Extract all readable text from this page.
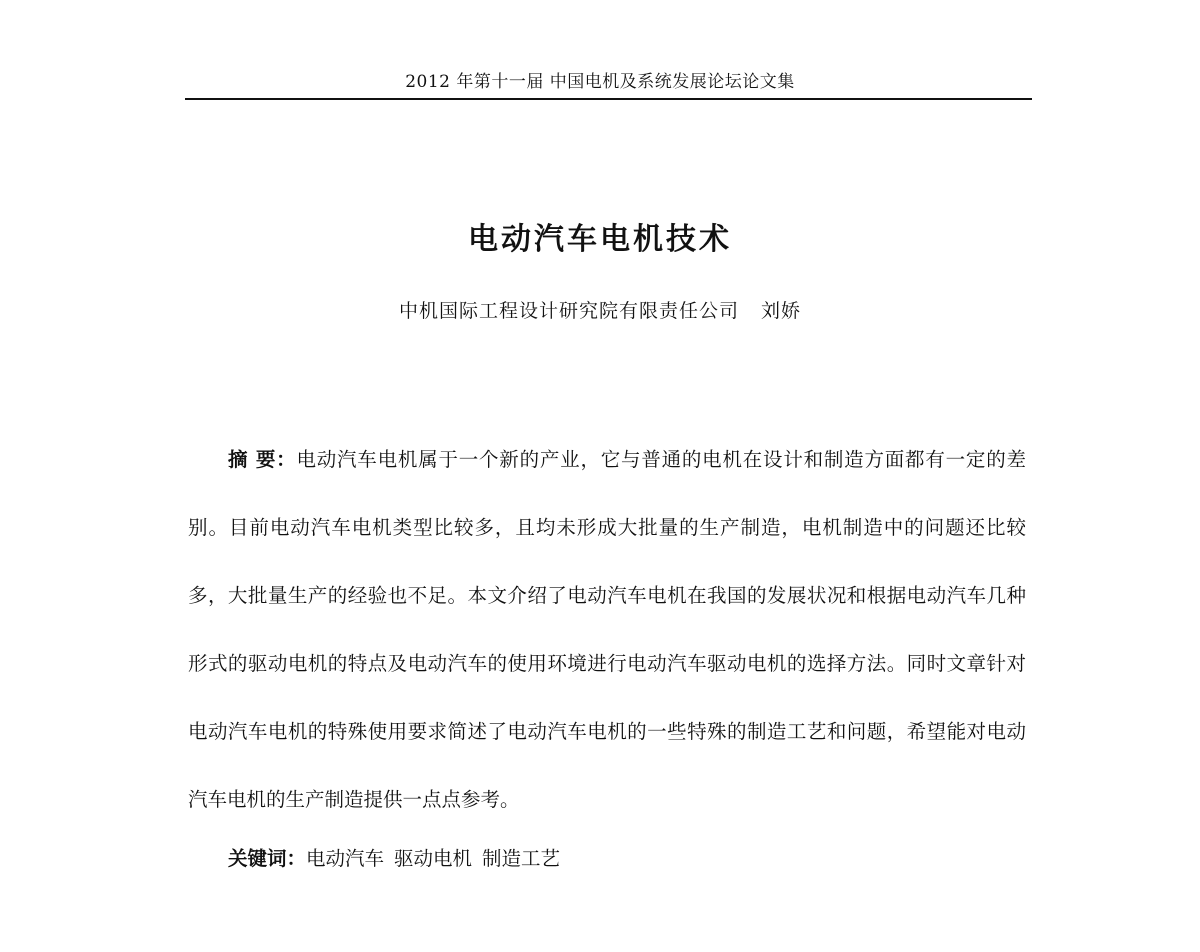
2012 年第十一届 中国电机及系统发展论坛论文集
电动汽车电机技术
中机国际工程设计研究院有限责任公司 刘娇

摘 要：电动汽车电机属于一个新的产业，它与普通的电机在设计和制造方面都有一定的差别。目前电动汽车电机类型比较多，且均未形成大批量的生产制造，电机制造中的问题还比较多，大批量生产的经验也不足。本文介绍了电动汽车电机在我国的发展状况和根据电动汽车几种形式的驱动电机的特点及电动汽车的使用环境进行电动汽车驱动电机的选择方法。同时文章针对电动汽车电机的特殊使用要求简述了电动汽车电机的一些特殊的制造工艺和问题，希望能对电动汽车电机的生产制造提供一点点参考。

关键词：电动汽车 驱动电机 制造工艺
